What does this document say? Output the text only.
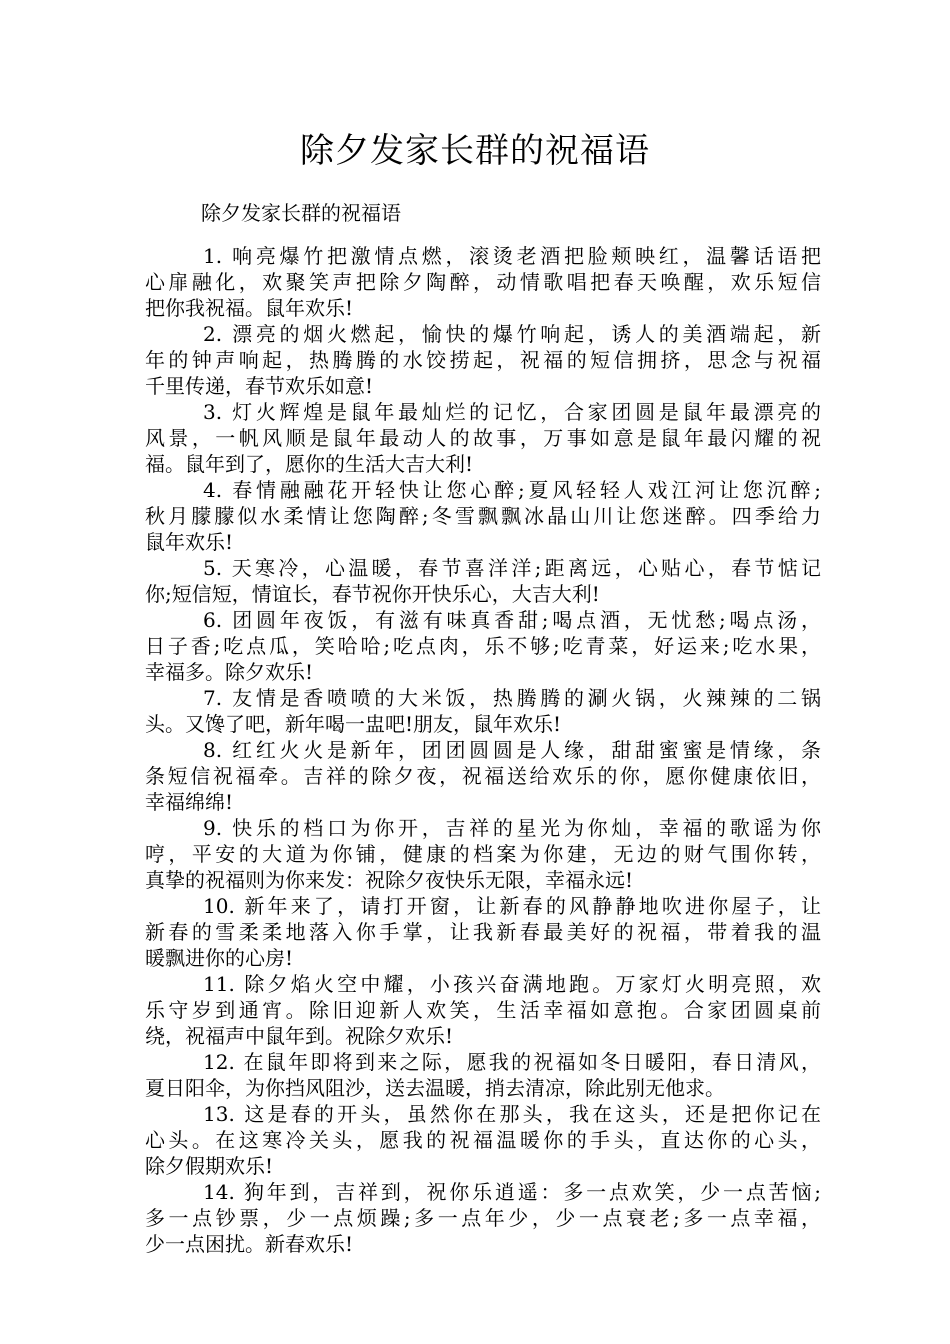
除夕发家长群的祝福语

除夕发家长群的祝福语

1. 响亮爆竹把激情点燃，滚烫老酒把脸颊映红，温馨话语把
心扉融化，欢聚笑声把除夕陶醉，动情歌唱把春天唤醒，欢乐短信
把你我祝福。鼠年欢乐!
2. 漂亮的烟火燃起，愉快的爆竹响起，诱人的美酒端起，新
年的钟声响起，热腾腾的水饺捞起，祝福的短信拥挤，思念与祝福
千里传递，春节欢乐如意!
3. 灯火辉煌是鼠年最灿烂的记忆，合家团圆是鼠年最漂亮的
风景，一帆风顺是鼠年最动人的故事，万事如意是鼠年最闪耀的祝
福。鼠年到了，愿你的生活大吉大利!
4. 春情融融花开轻快让您心醉;夏风轻轻人戏江河让您沉醉;
秋月朦朦似水柔情让您陶醉;冬雪飘飘冰晶山川让您迷醉。四季给力
鼠年欢乐!
5. 天寒冷，心温暖，春节喜洋洋;距离远，心贴心，春节惦记
你;短信短，情谊长，春节祝你开快乐心，大吉大利!
6. 团圆年夜饭，有滋有味真香甜;喝点酒，无忧愁;喝点汤，
日子香;吃点瓜，笑哈哈;吃点肉，乐不够;吃青菜，好运来;吃水果，
幸福多。除夕欢乐!
7. 友情是香喷喷的大米饭，热腾腾的涮火锅，火辣辣的二锅
头。又馋了吧，新年喝一盅吧!朋友，鼠年欢乐!
8. 红红火火是新年，团团圆圆是人缘，甜甜蜜蜜是情缘，条
条短信祝福牵。吉祥的除夕夜，祝福送给欢乐的你，愿你健康依旧，
幸福绵绵!
9. 快乐的档口为你开，吉祥的星光为你灿，幸福的歌谣为你
哼，平安的大道为你铺，健康的档案为你建，无边的财气围你转，
真挚的祝福则为你来发：祝除夕夜快乐无限，幸福永远!
10. 新年来了，请打开窗，让新春的风静静地吹进你屋子，让
新春的雪柔柔地落入你手掌，让我新春最美好的祝福，带着我的温
暖飘进你的心房!
11. 除夕焰火空中耀，小孩兴奋满地跑。万家灯火明亮照，欢
乐守岁到通宵。除旧迎新人欢笑，生活幸福如意抱。合家团圆桌前
绕，祝福声中鼠年到。祝除夕欢乐!
12. 在鼠年即将到来之际，愿我的祝福如冬日暖阳，春日清风，
夏日阳伞，为你挡风阻沙，送去温暖，捎去清凉，除此别无他求。
13. 这是春的开头，虽然你在那头，我在这头，还是把你记在
心头。在这寒冷关头，愿我的祝福温暖你的手头，直达你的心头，
除夕假期欢乐!
14. 狗年到，吉祥到，祝你乐逍遥：多一点欢笑，少一点苦恼;
多一点钞票，少一点烦躁;多一点年少，少一点衰老;多一点幸福，
少一点困扰。新春欢乐!
